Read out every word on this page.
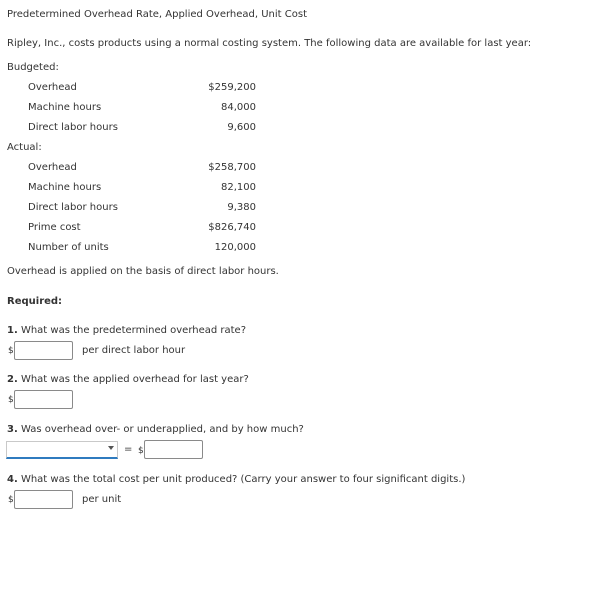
Predetermined Overhead Rate, Applied Overhead, Unit Cost
Ripley, Inc., costs products using a normal costing system. The following data are available for last year:
Budgeted:
Overhead	$259,200
Machine hours	84,000
Direct labor hours	9,600
Actual:
Overhead	$258,700
Machine hours	82,100
Direct labor hours	9,380
Prime cost	$826,740
Number of units	120,000
Overhead is applied on the basis of direct labor hours.
Required:
1. What was the predetermined overhead rate?
$	per direct labor hour
2. What was the applied overhead for last year?
$
3. Was overhead over- or underapplied, and by how much?
= $
4. What was the total cost per unit produced? (Carry your answer to four significant digits.)
$	per unit
